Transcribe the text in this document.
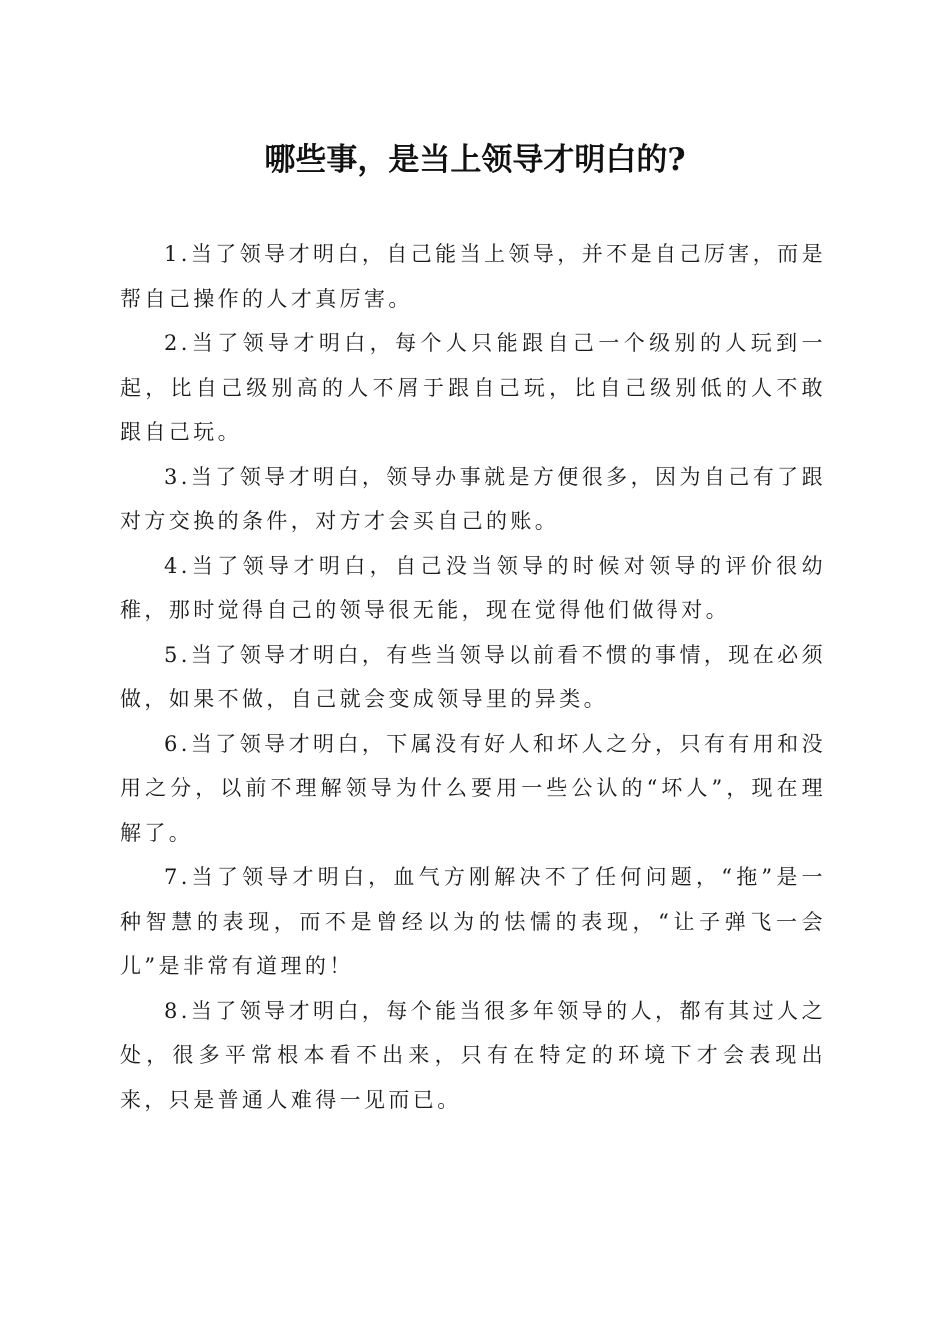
哪些事，是当上领导才明白的?

1.当了领导才明白，自己能当上领导，并不是自己厉害，而是帮自己操作的人才真厉害。

2.当了领导才明白，每个人只能跟自己一个级别的人玩到一起，比自己级别高的人不屑于跟自己玩，比自己级别低的人不敢跟自己玩。

3.当了领导才明白，领导办事就是方便很多，因为自己有了跟对方交换的条件，对方才会买自己的账。

4.当了领导才明白，自己没当领导的时候对领导的评价很幼稚，那时觉得自己的领导很无能，现在觉得他们做得对。

5.当了领导才明白，有些当领导以前看不惯的事情，现在必须做，如果不做，自己就会变成领导里的异类。

6.当了领导才明白，下属没有好人和坏人之分，只有有用和没用之分，以前不理解领导为什么要用一些公认的“坏人”，现在理解了。

7.当了领导才明白，血气方刚解决不了任何问题，“拖”是一种智慧的表现，而不是曾经以为的怯懦的表现，“让子弹飞一会儿”是非常有道理的！

8.当了领导才明白，每个能当很多年领导的人，都有其过人之处，很多平常根本看不出来，只有在特定的环境下才会表现出来，只是普通人难得一见而已。
